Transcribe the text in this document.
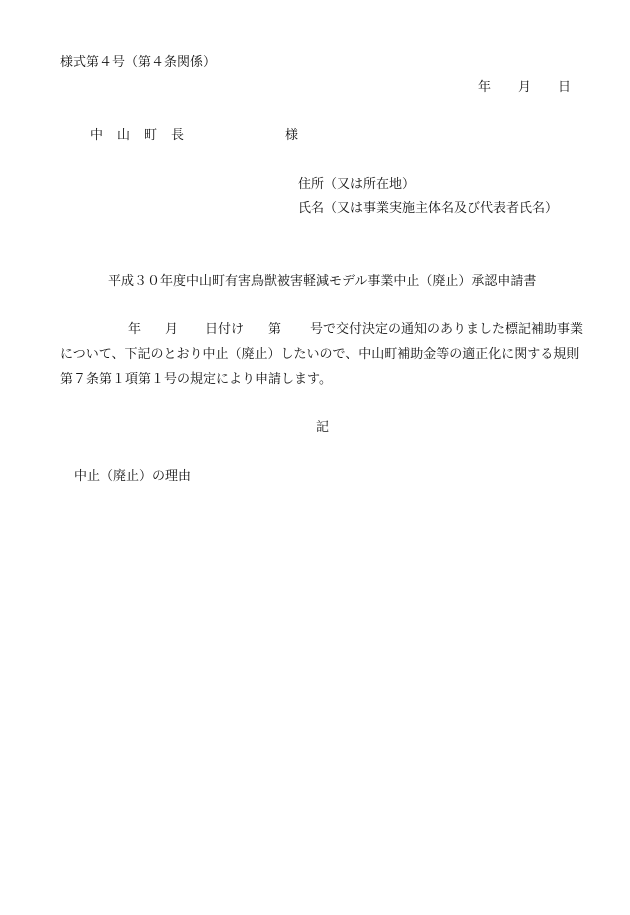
様式第４号（第４条関係）
年 月 日
中　山　町　長	様
住所（又は所在地）
氏名（又は事業実施主体名及び代表者氏名）
平成３０年度中山町有害鳥獣被害軽減モデル事業中止（廃止）承認申請書

年

月

日付け

第

号で交付決定の通知のありました標記補助事業

について、下記のとおり中止（廃止）したいので、中山町補助金等の適正化に関する規則
第７条第１項第１号の規定により申請します。
記
中止（廃止）の理由
